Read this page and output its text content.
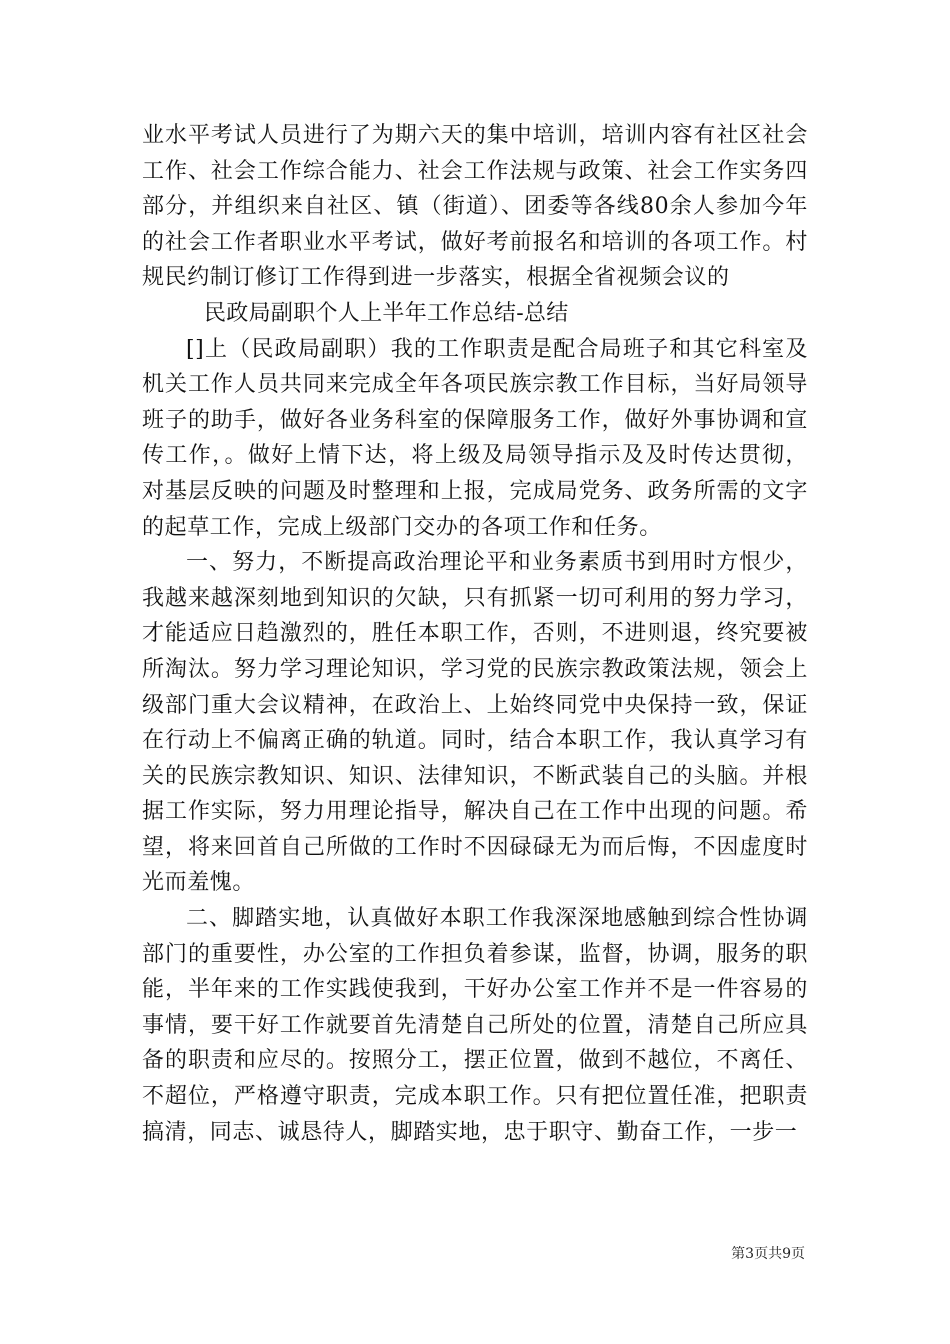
业水平考试人员进行了为期六天的集中培训，培训内容有社区社会工作、社会工作综合能力、社会工作法规与政策、社会工作实务四部分，并组织来自社区、镇（街道）、团委等各线80余人参加今年的社会工作者职业水平考试，做好考前报名和培训的各项工作。村规民约制订修订工作得到进一步落实，根据全省视频会议的

民政局副职个人上半年工作总结-总结

[]上（民政局副职）我的工作职责是配合局班子和其它科室及机关工作人员共同来完成全年各项民族宗教工作目标，当好局领导班子的助手，做好各业务科室的保障服务工作，做好外事协调和宣传工作，。做好上情下达，将上级及局领导指示及及时传达贯彻，对基层反映的问题及时整理和上报，完成局党务、政务所需的文字的起草工作，完成上级部门交办的各项工作和任务。

一、努力，不断提高政治理论平和业务素质书到用时方恨少，我越来越深刻地到知识的欠缺，只有抓紧一切可利用的努力学习，才能适应日趋激烈的，胜任本职工作，否则，不进则退，终究要被所淘汰。努力学习理论知识，学习党的民族宗教政策法规，领会上级部门重大会议精神，在政治上、上始终同党中央保持一致，保证在行动上不偏离正确的轨道。同时，结合本职工作，我认真学习有关的民族宗教知识、知识、法律知识，不断武装自己的头脑。并根据工作实际，努力用理论指导，解决自己在工作中出现的问题。希望，将来回首自己所做的工作时不因碌碌无为而后悔，不因虚度时光而羞愧。

二、脚踏实地，认真做好本职工作我深深地感触到综合性协调部门的重要性，办公室的工作担负着参谋，监督，协调，服务的职能，半年来的工作实践使我到，干好办公室工作并不是一件容易的事情，要干好工作就要首先清楚自己所处的位置，清楚自己所应具备的职责和应尽的。按照分工，摆正位置，做到不越位，不离任、不超位，严格遵守职责，完成本职工作。只有把位置任准，把职责搞清，同志、诚恳待人，脚踏实地，忠于职守、勤奋工作，一步一

第3页共9页
